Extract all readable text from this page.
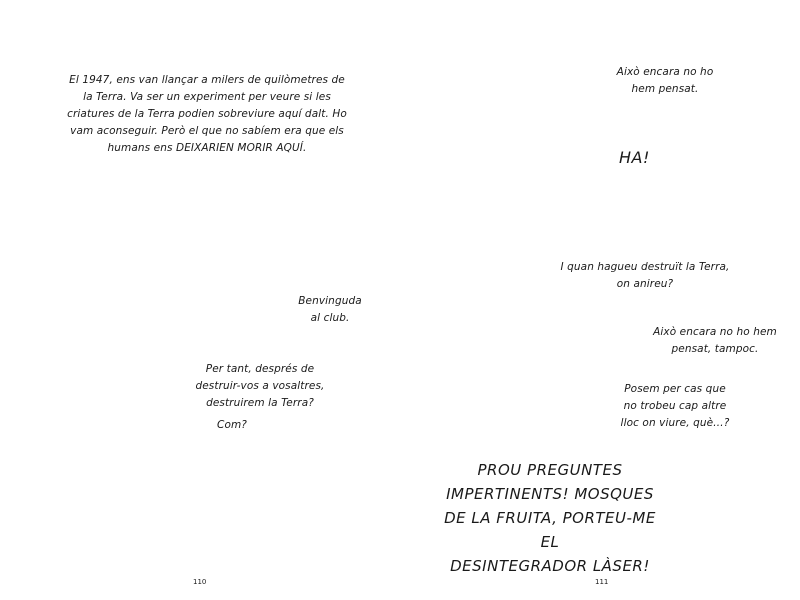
El 1947, ens van llançar a milers de quilòmetres de
la Terra. Va ser un experiment per veure si les
criatures de la Terra podien sobreviure aquí dalt. Ho
vam aconseguir. Però el que no sabíem era que els
humans ens DEIXARIEN MORIR AQUÍ.
Benvinguda
al club.
Per tant, després de
destruir-vos a vosaltres,
destruirem la Terra?
Com?
110
Això encara no ho
hem pensat.
HA!
I quan hagueu destruït la Terra,
on anireu?
Això encara no ho hem
pensat, tampoc.
Posem per cas que
no trobeu cap altre
lloc on viure, què…?
PROU PREGUNTES
IMPERTINENTS! MOSQUES
DE LA FRUITA, PORTEU-ME EL
DESINTEGRADOR LÀSER!
111
